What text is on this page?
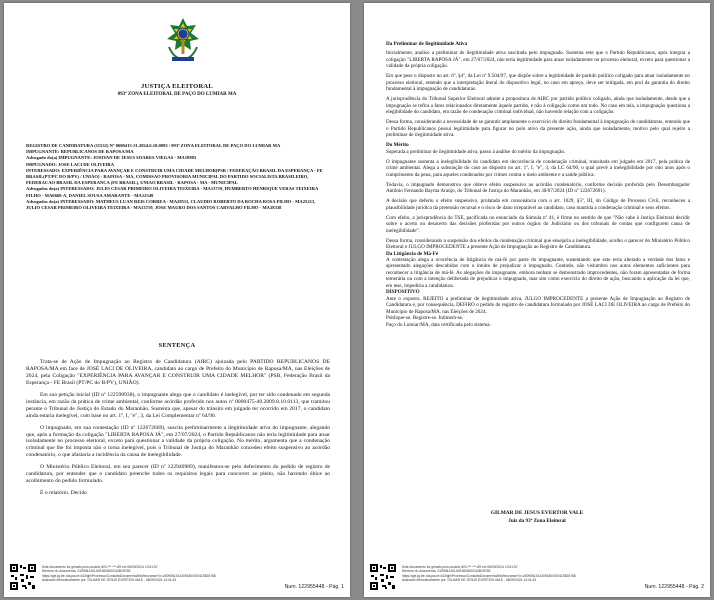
JUSTIÇA ELEITORAL
093ª ZONA ELEITORAL DE PAÇO DO LUMIAR MA
REGISTRO DE CANDIDATURA (11532) Nº 0600415-21.2024.6.10.0093 / 093ª ZONA ELEITORAL DE PAÇO DO LUMIAR MA
IMPUGNANTE: REPUBLICANOS DE RAPOSA/MA
Advogado do(a) IMPUGNANTE: JOSIVAN DE JESUS SOARES VIEGAS - MA18983
IMPUGNADO: JOSE LACI DE OLIVEIRA
INTERESSADO: EXPERIÊNCIA PARA AVANÇAR E CONSTRUIR UMA CIDADE MELHOR[PSB / FEDERAÇÃO BRASIL DA ESPERANÇA - FE BRASIL(PT/PC DO B/PV) / UNIÃO] - RAPOSA - MA, COMISSAO PROVISORIA MUNICIPAL DO PARTIDO SOCIALISTA BRASILEIRO, FEDERACAO BRASIL DA ESPERANCA (FE BRASIL), UNIAO BRASIL - RAPOSA - MA - MUNICIPAL
Advogados do(a) INTERESSADO: JULIO CESAR PRIMEIRO OLIVEIRA TEIXEIRA - MA13719, HUMBERTO HENRIQUE VERAS TEIXEIRA FILHO - MA6668-A, DANIEL SOUSA AMARANTE - MA12549
Advogados do(a) INTERESSADO: MATHEUS LUAN REIS CORREA - MA28511, CLAUDIO ROBERTO DA ROCHA ROSA FILHO - MA25213, JULIO CESAR PRIMEIRO OLIVEIRA TEIXEIRA - MA13719, JOSE MAURO DOS SANTOS CARVALHO FILHO - MA18338
SENTENÇA

Trata-se de Ação de Impugnação ao Registro de Candidatura (AIRC) ajuizada pelo PARTIDO REPUBLICANOS DE RAPOSA/MA em face de JOSÉ LACI DE OLIVEIRA, candidato ao cargo de Prefeito do Município de Raposa/MA, nas Eleições de 2024, pela Coligação "EXPERIÊNCIA PARA AVANÇAR E CONSTRUIR UMA CIDADE MELHOR" (PSB, Federação Brasil da Esperança - FE Brasil (PT/PC do B/PV), UNIÃO).

Em sua petição inicial (ID nº 122590938), o impugnante alega que o candidato é inelegível, por ter sido condenado em segunda instância, em razão da prática de crime ambiental, conforme acórdão proferido nos autos nº 0000475-40.2009.8.10.0113, que tramitou perante o Tribunal de Justiça do Estado do Maranhão. Sustenta que, apesar do trânsito em julgado ter ocorrido em 2017, o candidato ainda estaria inelegível, com base no art. 1º, I, "e", 3, da Lei Complementar nº 64/90.

O impugnado, em sua contestação (ID nº 122672669), suscita preliminarmente a ilegitimidade ativa do impugnante, alegando que, após a formação da coligação "LIBERTA RAPOSA JÁ", em 27/07/2024, o Partido Republicanos não teria legitimidade para atuar isoladamente no processo eleitoral, exceto para questionar a validade da própria coligação. No mérito, argumenta que a condenação criminal que lhe foi imposta não o torna inelegível, pois o Tribunal de Justiça do Maranhão concedeu efeito suspensivo ao acórdão condenatório, o que afastaria a incidência da causa de inelegibilidade.

O Ministério Público Eleitoral, em seu parecer (ID nº 122940989), manifestou-se pelo deferimento do pedido de registro de candidatura, por entender que o candidato preenche todos os requisitos legais para concorrer ao pleito, não havendo óbice ao acolhimento do pedido formulado.

É o relatório. Decido

Este documento foi gerado pelo usuário 603.***.***-89 em 06/09/2024 13:51:57
Número do documento: 24090613414091800000115825768
https://pje1g.tre-ma.jus.br:443/pje/Processo/ConsultaDocumento/listView.seam?x=24090613414091800000115825768
Assinado eletronicamente por: GILMAR DE JESUS EVERTON VALE - 06/09/2024 13:41:43
Num. 122955448 - Pág. 1
Da Preliminar de Ilegitimidade Ativa

Inicialmente, analiso a preliminar de ilegitimidade ativa suscitada pelo impugnado. Sustenta este que o Partido Republicanos, após integrar a coligação "LIBERTA RAPOSA JÁ", em 27/07/2024, não teria legitimidade para atuar isoladamente no processo eleitoral, exceto para questionar a validade da própria coligação.

Em que pese o disposto no art. 6º, §4º, da Lei nº 9.504/97, que dispõe sobre a legitimidade de partido político coligado para atuar isoladamente no processo eleitoral, entendo que a interpretação literal do dispositivo legal, no caso em apreço, deve ser mitigada, em prol da garantia do direito fundamental à impugnação de candidaturas.

A jurisprudência do Tribunal Superior Eleitoral admite a propositura de AIRC por partido político coligado, ainda que isoladamente, desde que a impugnação se refira a fatos relacionados diretamente àquele partido, e não à coligação como um todo. No caso em tela, a impugnação questiona a elegibilidade do candidato, em razão de condenação criminal individual, não havendo relação com a coligação.

Dessa forma, considerando a necessidade de se garantir amplamente o exercício do direito fundamental à impugnação de candidaturas, entendo que o Partido Republicanos possui legitimidade para figurar no polo ativo da presente ação, ainda que isoladamente, motivo pelo qual rejeito a preliminar de ilegitimidade ativa.

Do Mérito

Superada a preliminar de ilegitimidade ativa, passo à análise do mérito da impugnação.

O impugnante sustenta a inelegibilidade do candidato em decorrência de condenação criminal, transitada em julgado em 2017, pela prática de crime ambiental. Alega a subsunção do caso ao disposto no art. 1º, I, "e", 3, da LC 64/90, o qual prevê a inelegibilidade por oito anos após o cumprimento da pena, para aqueles condenados por crimes contra o meio ambiente e a saúde pública.

Todavia, o impugnado demonstrou que obteve efeito suspensivo ao acórdão condenatório, conforme decisão proferida pelo Desembargador Antônio Fernando Bayma Araújo, do Tribunal de Justiça do Maranhão, em 30/07/2024 (ID nº 122672691).

A decisão que deferiu o efeito suspensivo, prolatada em consonância com o art. 1029, §5º, III, do Código de Processo Civil, reconheceu a plausibilidade jurídica da pretensão recursal e o risco de dano irreparável ao candidato, caso mantida a condenação criminal e seus efeitos.

Com efeito, a jurisprudência do TSE, pacificada no enunciado da Súmula nº 41, é firme no sentido de que "Não cabe à Justiça Eleitoral decidir sobre o acerto ou desacerto das decisões proferidas por outros órgãos do Judiciário ou dos tribunais de contas que configurem causa de inelegibilidade".

Dessa forma, considerando a suspensão dos efeitos da condenação criminal que ensejaria a inelegibilidade, acolho o parecer do Ministério Público Eleitoral e JULGO IMPROCEDENTE a presente Ação de Impugnação ao Registro de Candidatura.

Da Litigância de Má-Fé

A contestação alega a ocorrência de litigância de má-fé por parte do impugnante, sustentando que este teria alterado a verdade dos fatos e apresentado alegações descabidas com o intuito de prejudicar o impugnado. Contudo, não vislumbro nos autos elementos suficientes para reconhecer a litigância de má-fé. As alegações do impugnante, embora tenham se demonstrado improcedentes, não foram apresentadas de forma temerária ou com a intenção deliberada de prejudicar o impugnado, mas sim como exercício do direito de ação, buscando a aplicação da lei que, em tese, impediria a candidatura.

DISPOSITIVO

Ante o exposto, REJEITO a preliminar de ilegitimidade ativa, JULGO IMPROCEDENTE a presente Ação de Impugnação ao Registro de Candidatura e, por consequência, DEFIRO o pedido de registro de candidatura formulado por JOSÉ LACI DE OLIVEIRA ao cargo de Prefeito do Município de Raposa/MA, nas Eleições de 2024.

Publique-se. Registre-se. Intimem-se.

Paço do Lumiar/MA, data certificada pelo sistema.

GILMAR DE JESUS EVERTOR VALE
Juiz da 93ª Zona Eleitoral
Este documento foi gerado pelo usuário 603.***.***-89 em 06/09/2024 13:51:57
Número do documento: 24090613414091800000115825768
https://pje1g.tre-ma.jus.br:443/pje/Processo/ConsultaDocumento/listView.seam?x=24090613414091800000115825768
Assinado eletronicamente por: GILMAR DE JESUS EVERTON VALE - 06/09/2024 13:41:43
Num. 122955448 - Pág. 2
